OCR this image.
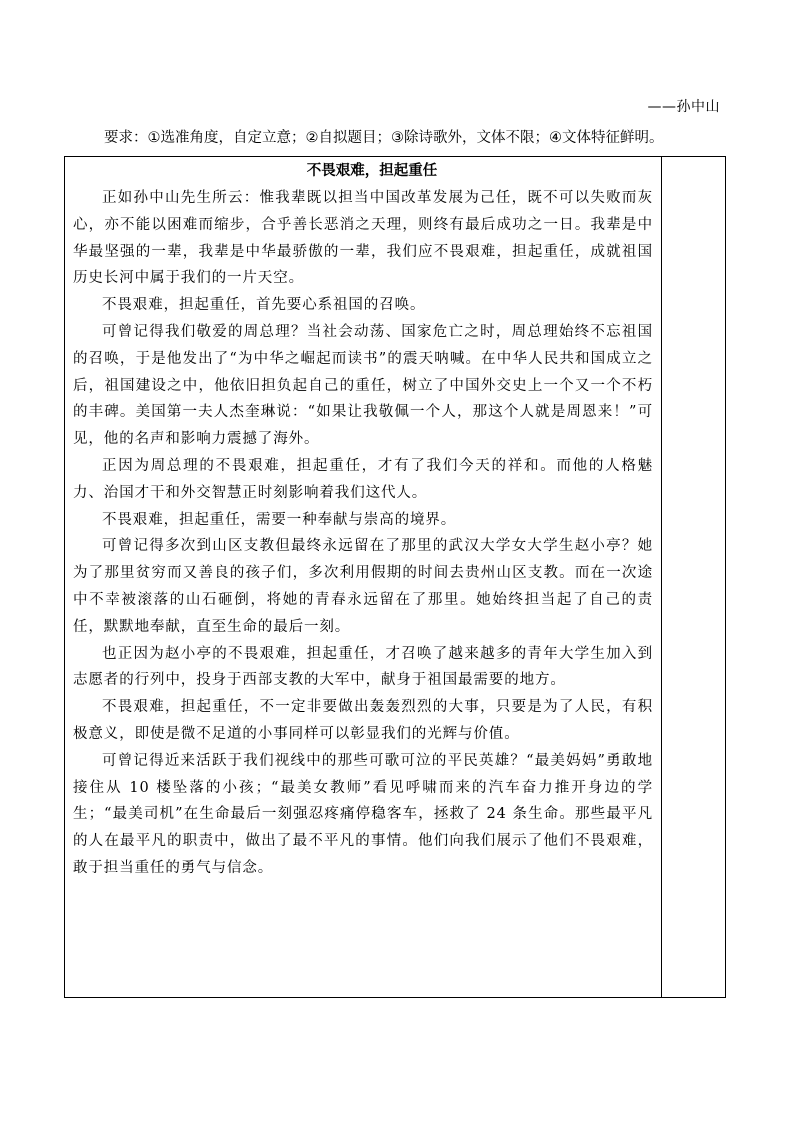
——孙中山
要求：①选准角度，自定立意；②自拟题目；③除诗歌外，文体不限；④文体特征鲜明。

不畏艰难，担起重任

正如孙中山先生所云：惟我辈既以担当中国改革发展为己任，既不可以失败而灰心，亦不能以困难而缩步，合乎善长恶消之天理，则终有最后成功之一日。我辈是中华最坚强的一辈，我辈是中华最骄傲的一辈，我们应不畏艰难，担起重任，成就祖国历史长河中属于我们的一片天空。

不畏艰难，担起重任，首先要心系祖国的召唤。

可曾记得我们敬爱的周总理？当社会动荡、国家危亡之时，周总理始终不忘祖国的召唤，于是他发出了“为中华之崛起而读书”的震天呐喊。在中华人民共和国成立之后，祖国建设之中，他依旧担负起自己的重任，树立了中国外交史上一个又一个不朽的丰碑。美国第一夫人杰奎琳说：“如果让我敬佩一个人，那这个人就是周恩来！”可见，他的名声和影响力震撼了海外。

正因为周总理的不畏艰难，担起重任，才有了我们今天的祥和。而他的人格魅力、治国才干和外交智慧正时刻影响着我们这代人。

不畏艰难，担起重任，需要一种奉献与崇高的境界。

可曾记得多次到山区支教但最终永远留在了那里的武汉大学女大学生赵小亭？她为了那里贫穷而又善良的孩子们，多次利用假期的时间去贵州山区支教。而在一次途中不幸被滚落的山石砸倒，将她的青春永远留在了那里。她始终担当起了自己的责任，默默地奉献，直至生命的最后一刻。

也正因为赵小亭的不畏艰难，担起重任，才召唤了越来越多的青年大学生加入到志愿者的行列中，投身于西部支教的大军中，献身于祖国最需要的地方。

不畏艰难，担起重任，不一定非要做出轰轰烈烈的大事，只要是为了人民，有积极意义，即使是微不足道的小事同样可以彰显我们的光辉与价值。

可曾记得近来活跃于我们视线中的那些可歌可泣的平民英雄？“最美妈妈”勇敢地接住从 10 楼坠落的小孩；“最美女教师”看见呼啸而来的汽车奋力推开身边的学生；“最美司机”在生命最后一刻强忍疼痛停稳客车，拯救了 24 条生命。那些最平凡的人在最平凡的职责中，做出了最不平凡的事情。他们向我们展示了他们不畏艰难，敢于担当重任的勇气与信念。
